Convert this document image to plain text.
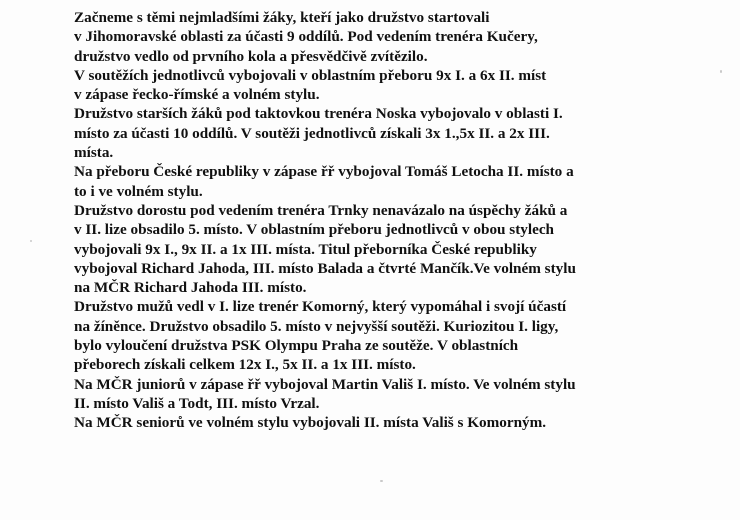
Začneme s těmi nejmladšími žáky, kteří jako družstvo startovali
v Jihomoravské oblasti za účasti 9 oddílů. Pod vedením trenéra Kučery,
družstvo vedlo od prvního kola a přesvědčivě zvítězilo.
V soutěžích jednotlivců vybojovali v oblastním přeboru 9x I. a 6x II. míst
v zápase řecko-římské a volném stylu.
Družstvo starších žáků pod taktovkou trenéra Noska vybojovalo v oblasti I.
místo za účasti 10 oddílů. V soutěži jednotlivců získali 3x 1.,5x II. a 2x III.
místa.
Na přeboru České republiky v zápase řř vybojoval Tomáš Letocha II. místo a
to i ve volném stylu.
Družstvo dorostu pod vedením trenéra Trnky nenavázalo na úspěchy žáků a
v II. lize obsadilo 5. místo. V oblastním přeboru jednotlivců v obou stylech
vybojovali 9x I., 9x II. a 1x III. místa. Titul přeborníka České republiky
vybojoval Richard Jahoda, III. místo Balada a čtvrté Mančík.Ve volném stylu
na MČR Richard Jahoda III. místo.
Družstvo mužů vedl v I. lize trenér Komorný, který vypomáhal i svojí účastí
na žíněnce. Družstvo obsadilo 5. místo v nejvyšší soutěži. Kuriozitou I. ligy,
bylo vyloučení družstva PSK Olympu Praha ze soutěže. V oblastních
přeborech získali celkem 12x I., 5x II. a 1x III. místo.
Na MČR juniorů v zápase řř vybojoval Martin Vališ I. místo. Ve volném stylu
II. místo Vališ a Todt, III. místo Vrzal.
Na MČR seniorů ve volném stylu vybojovali II. místa Vališ s Komorným.
